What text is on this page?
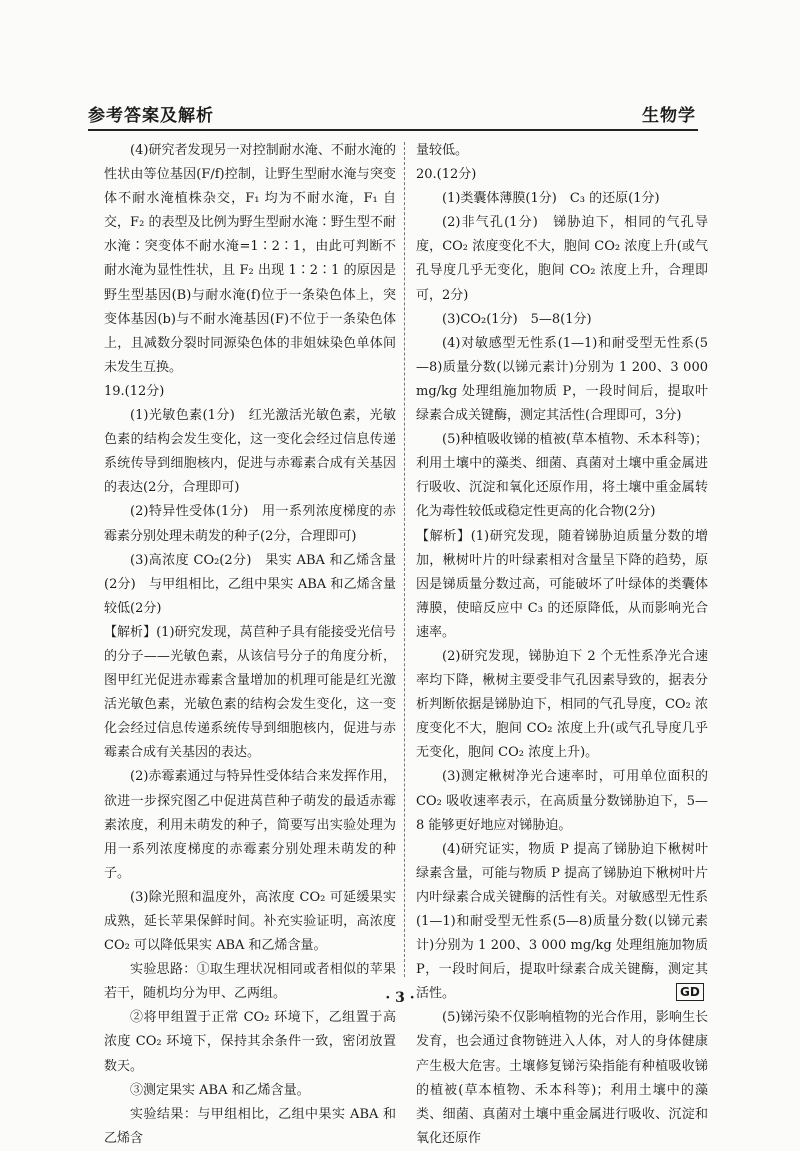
参考答案及解析	生物学

(4)研究者发现另一对控制耐水淹、不耐水淹的性状由等位基因(F/f)控制，让野生型耐水淹与突变体不耐水淹植株杂交，F₁ 均为不耐水淹，F₁ 自交，F₂ 的表型及比例为野生型耐水淹∶野生型不耐水淹∶突变体不耐水淹=1∶2∶1，由此可判断不耐水淹为显性性状，且 F₂ 出现 1∶2∶1 的原因是野生型基因(B)与耐水淹(f)位于一条染色体上，突变体基因(b)与不耐水淹基因(F)不位于一条染色体上，且减数分裂时同源染色体的非姐妹染色单体间未发生互换。

19.(12分)

(1)光敏色素(1分)　红光激活光敏色素，光敏色素的结构会发生变化，这一变化会经过信息传递系统传导到细胞核内，促进与赤霉素合成有关基因的表达(2分，合理即可)

(2)特异性受体(1分)　用一系列浓度梯度的赤霉素分别处理未萌发的种子(2分，合理即可)

(3)高浓度 CO₂(2分)　果实 ABA 和乙烯含量(2分)　与甲组相比，乙组中果实 ABA 和乙烯含量较低(2分)

【解析】(1)研究发现，莴苣种子具有能接受光信号的分子——光敏色素，从该信号分子的角度分析，图甲红光促进赤霉素含量增加的机理可能是红光激活光敏色素，光敏色素的结构会发生变化，这一变化会经过信息传递系统传导到细胞核内，促进与赤霉素合成有关基因的表达。

(2)赤霉素通过与特异性受体结合来发挥作用，欲进一步探究图乙中促进莴苣种子萌发的最适赤霉素浓度，利用未萌发的种子，简要写出实验处理为用一系列浓度梯度的赤霉素分别处理未萌发的种子。

(3)除光照和温度外，高浓度 CO₂ 可延缓果实成熟，延长苹果保鲜时间。补充实验证明，高浓度 CO₂ 可以降低果实 ABA 和乙烯含量。

实验思路：①取生理状况相同或者相似的苹果若干，随机均分为甲、乙两组。

②将甲组置于正常 CO₂ 环境下，乙组置于高浓度 CO₂ 环境下，保持其余条件一致，密闭放置数天。

③测定果实 ABA 和乙烯含量。

实验结果：与甲组相比，乙组中果实 ABA 和乙烯含

量较低。

20.(12分)

(1)类囊体薄膜(1分)　C₃ 的还原(1分)

(2)非气孔(1分)　锑胁迫下，相同的气孔导度，CO₂ 浓度变化不大，胞间 CO₂ 浓度上升(或气孔导度几乎无变化，胞间 CO₂ 浓度上升，合理即可，2分)

(3)CO₂(1分)　5—8(1分)

(4)对敏感型无性系(1—1)和耐受型无性系(5—8)质量分数(以锑元素计)分别为 1 200、3 000 mg/kg 处理组施加物质 P，一段时间后，提取叶绿素合成关键酶，测定其活性(合理即可，3分)

(5)种植吸收锑的植被(草本植物、禾本科等)；利用土壤中的藻类、细菌、真菌对土壤中重金属进行吸收、沉淀和氧化还原作用，将土壤中重金属转化为毒性较低或稳定性更高的化合物(2分)

【解析】(1)研究发现，随着锑胁迫质量分数的增加，楸树叶片的叶绿素相对含量呈下降的趋势，原因是锑质量分数过高，可能破坏了叶绿体的类囊体薄膜，使暗反应中 C₃ 的还原降低，从而影响光合速率。

(2)研究发现，锑胁迫下 2 个无性系净光合速率均下降，楸树主要受非气孔因素导致的，据表分析判断依据是锑胁迫下，相同的气孔导度，CO₂ 浓度变化不大，胞间 CO₂ 浓度上升(或气孔导度几乎无变化，胞间 CO₂ 浓度上升)。

(3)测定楸树净光合速率时，可用单位面积的 CO₂ 吸收速率表示，在高质量分数锑胁迫下，5—8 能够更好地应对锑胁迫。

(4)研究证实，物质 P 提高了锑胁迫下楸树叶绿素含量，可能与物质 P 提高了锑胁迫下楸树叶片内叶绿素合成关键酶的活性有关。对敏感型无性系(1—1)和耐受型无性系(5—8)质量分数(以锑元素计)分别为 1 200、3 000 mg/kg 处理组施加物质 P，一段时间后，提取叶绿素合成关键酶，测定其活性。

(5)锑污染不仅影响植物的光合作用，影响生长发育，也会通过食物链进入人体，对人的身体健康产生极大危害。土壤修复锑污染指能有种植吸收锑的植被(草本植物、禾本科等)；利用土壤中的藻类、细菌、真菌对土壤中重金属进行吸收、沉淀和氧化还原作

· 3 ·	GD
